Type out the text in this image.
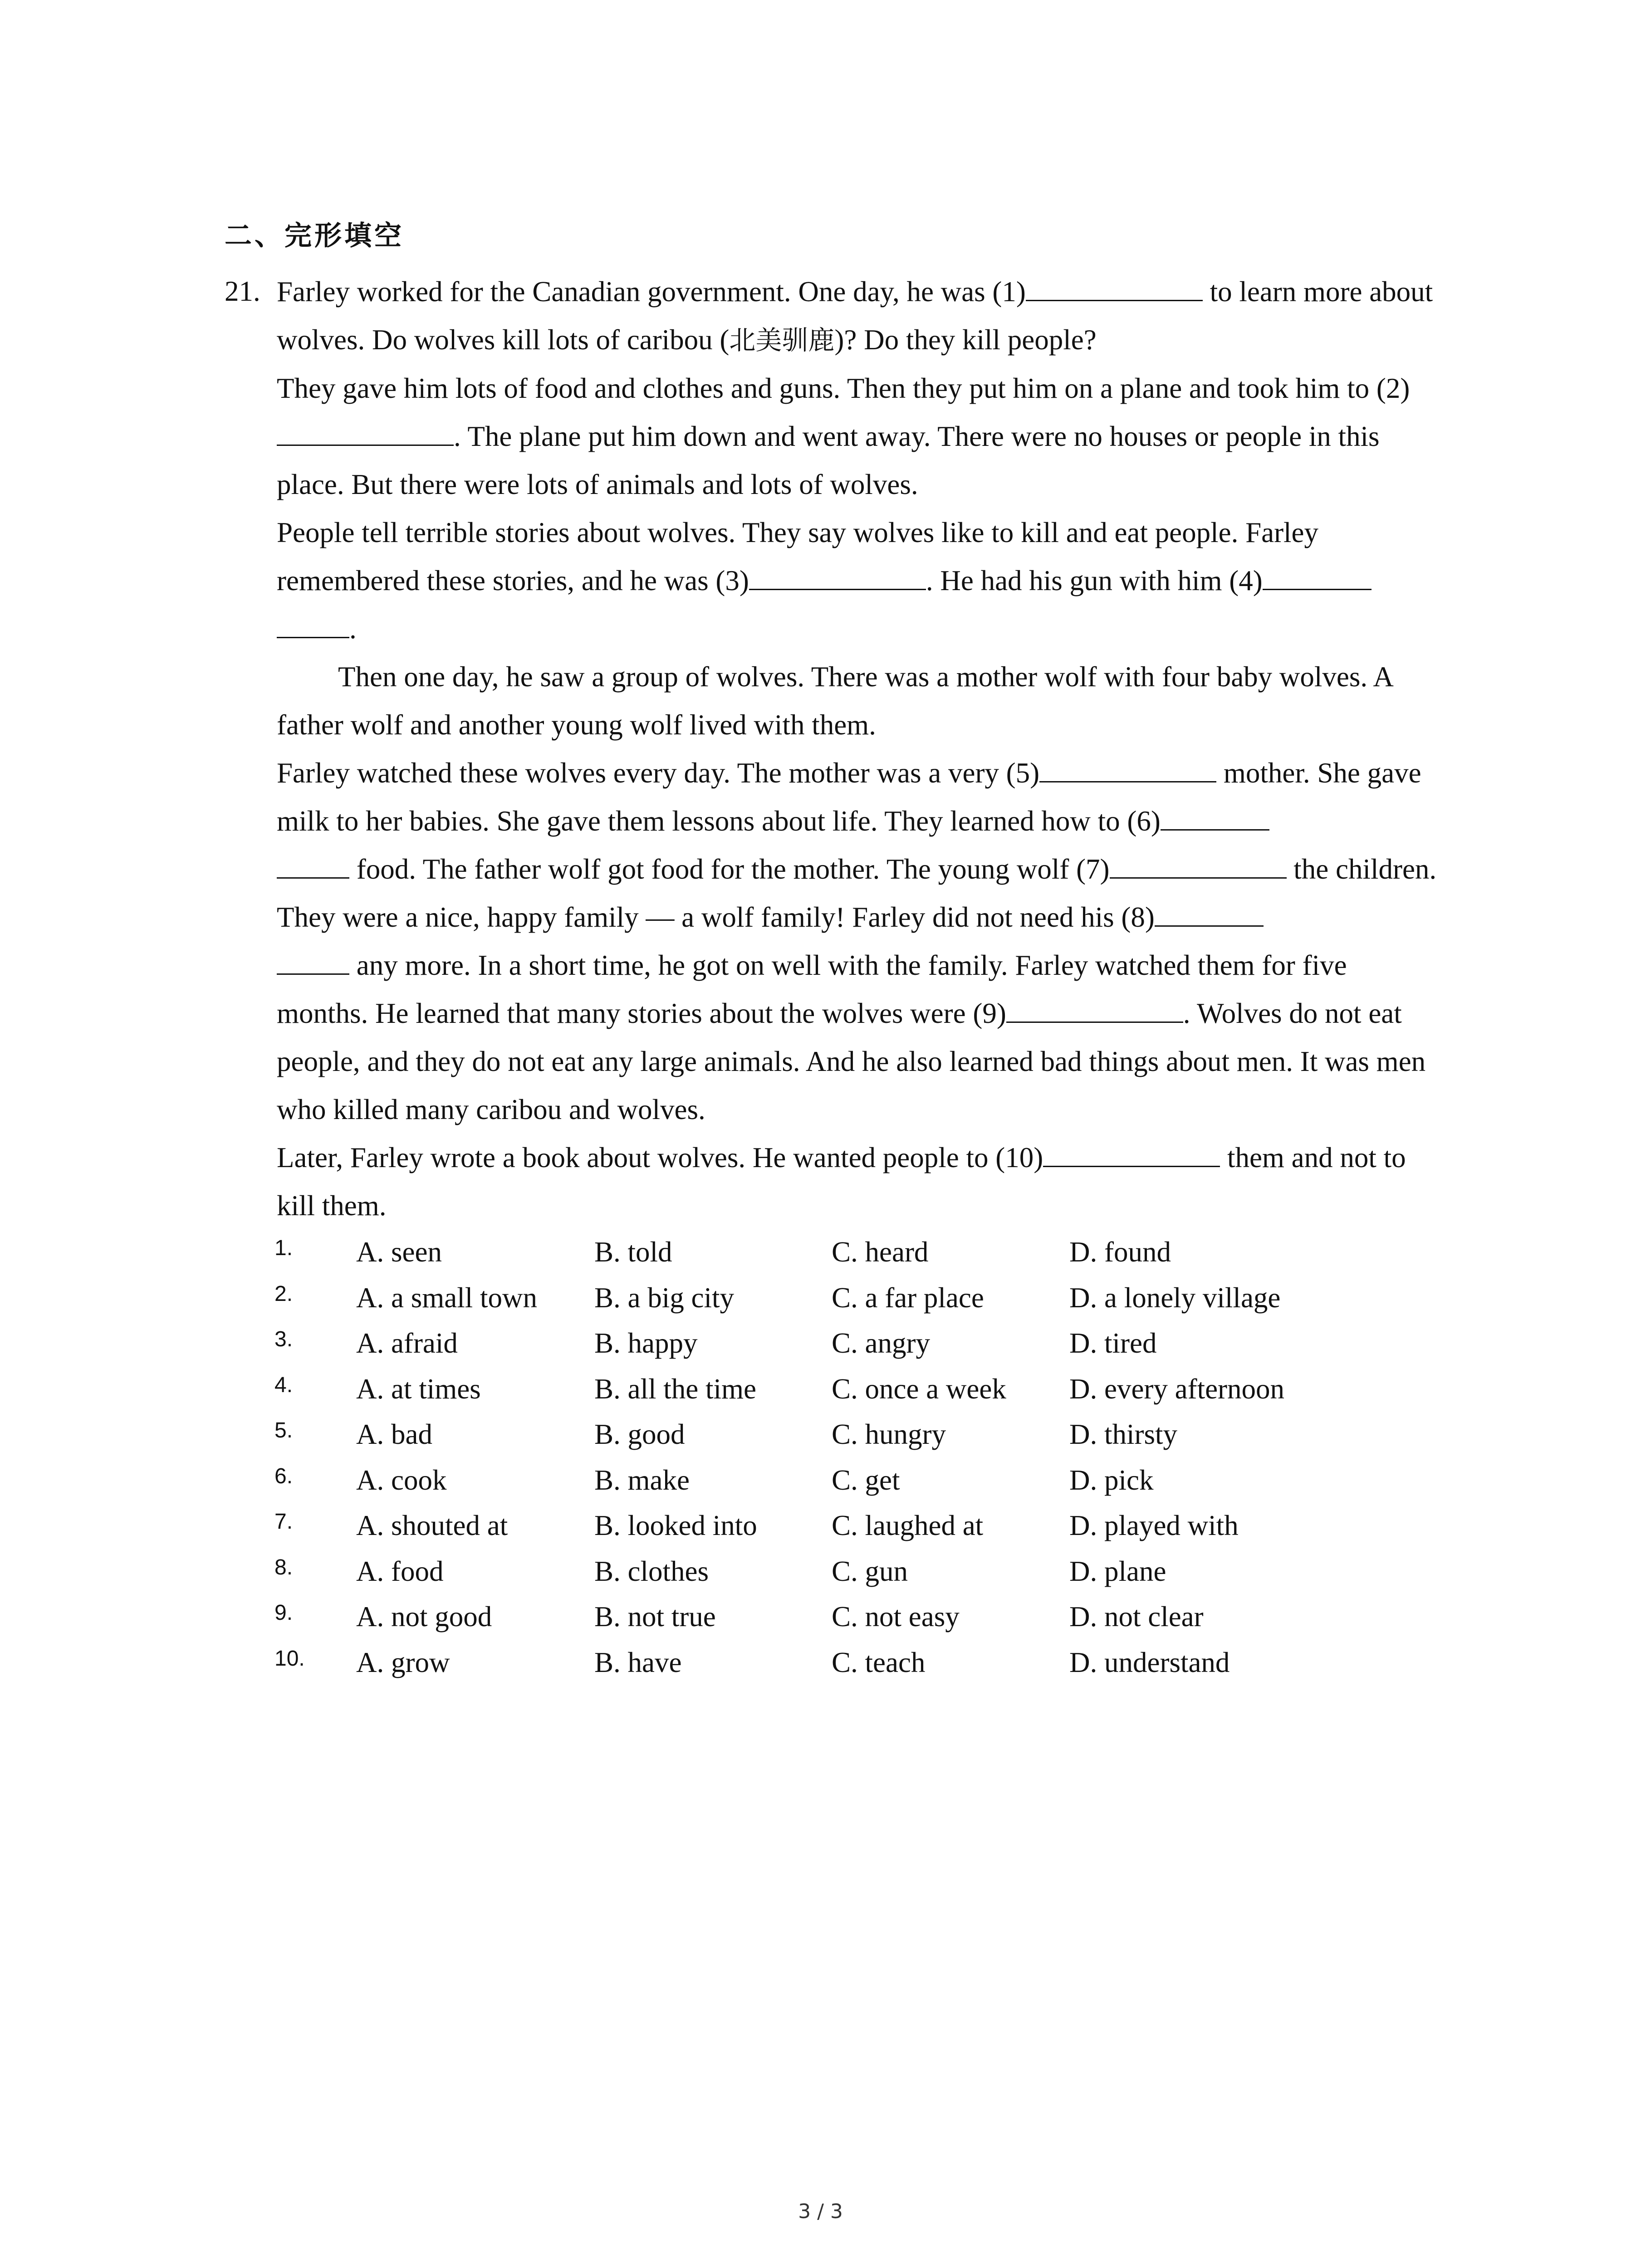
二、完形填空
21. Farley worked for the Canadian government. One day, he was (1)	to learn more about wolves. Do wolves kill lots of caribou (北美驯鹿)? Do they kill people?

They gave him lots of food and clothes and guns. Then they put him on a plane and took him to (2). The plane put him down and went away. There were no houses or people in this place. But there were lots of animals and lots of wolves.

People tell terrible stories about wolves. They say wolves like to kill and eat people. Farley remembered these stories, and he was (3)	. He had his gun with him (4)
.

Then one day, he saw a group of wolves. There was a mother wolf with four baby wolves. A father wolf and another young wolf lived with them.

Farley watched these wolves every day. The mother was a very (5)	mother. She gave milk to her babies. She gave them lessons about life. They learned how to (6)
food. The father wolf got food for the mother. The young wolf (7)	the children. They were a nice, happy family — a wolf family! Farley did not need his (8)
any more. In a short time, he got on well with the family. Farley watched them for five months. He learned that many stories about the wolves were (9)	. Wolves do not eat people, and they do not eat any large animals. And he also learned bad things about men. It was men who killed many caribou and wolves.

Later, Farley wrote a book about wolves. He wanted people to (10)	them and not to kill them.

1. A. seen	B. told	C. heard	D. found
2. A. a small town B. a big city	C. a far place	D. a lonely village
3. A. afraid	B. happy	C. angry	D. tired
4. A. at times	B. all the time	C. once a week D. every afternoon
5. A. bad	B. good	C. hungry	D. thirsty
6. A. cook	B. make	C. get	D. pick
7. A. shouted at	B. looked into	C. laughed at	D. played with
8. A. food	B. clothes	C. gun	D. plane
9. A. not good	B. not true	C. not easy	D. not clear
10. A. grow	B. have	C. teach	D. understand
3 / 3
